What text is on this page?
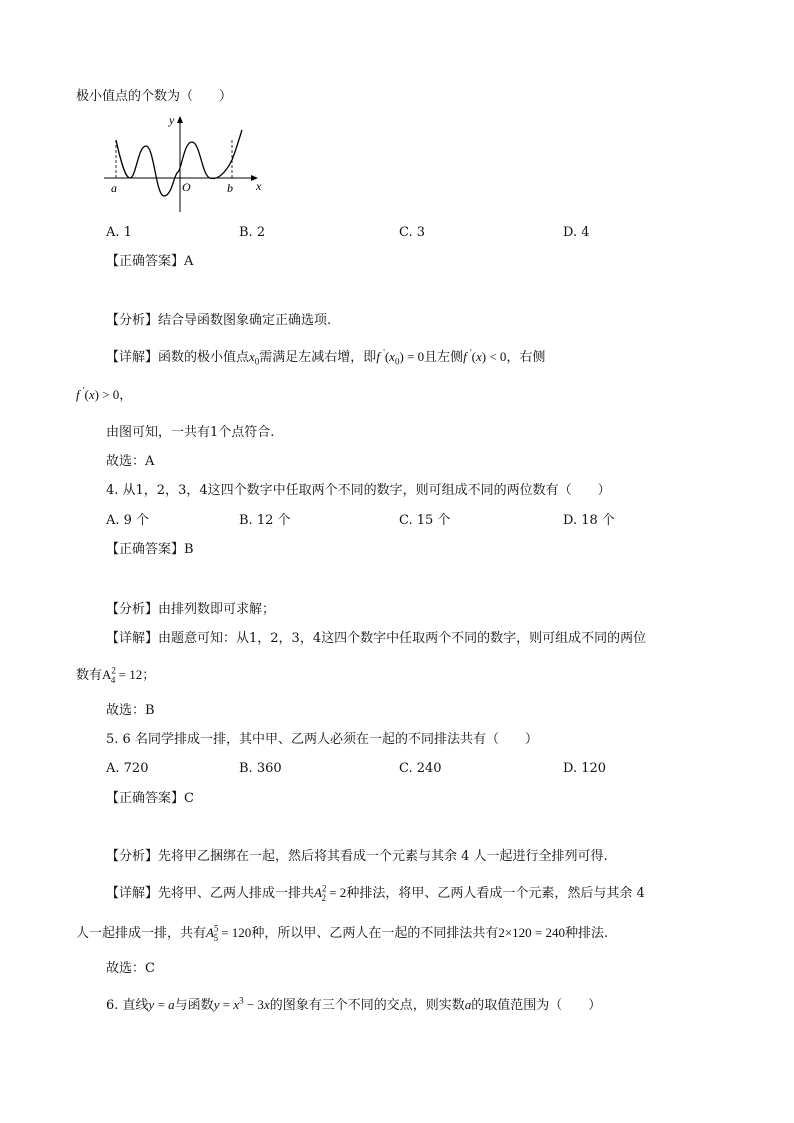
极小值点的个数为（　　）
y
x
a	O	b
A. 1	B. 2	C. 3	D. 4
【正确答案】A
【分析】结合导函数图象确定正确选项.
【详解】函数的极小值点$x_0$需满足左减右增，即f $'(x_0) = 0$且左侧f '(x) < 0，右侧
f '(x) > 0，
由图可知，一共有1个点符合.
故选：A
4. 从1，2，3，4这四个数字中任取两个不同的数字，则可组成不同的两位数有（　　）
A. 9 个	B. 12 个	C. 15 个	D. 18 个
【正确答案】B
【分析】由排列数即可求解；
【详解】由题意可知：从1，2，3，4这四个数字中任取两个不同的数字，则可组成不同的两位
数有$A^2_4 = 12$；
故选：B
5. 6 名同学排成一排，其中甲、乙两人必须在一起的不同排法共有（　　）
A. 720	B. 360	C. 240	D. 120
【正确答案】C
【分析】先将甲乙捆绑在一起，然后将其看成一个元素与其余 4 人一起进行全排列可得.
【详解】先将甲、乙两人排成一排共$A^2_2 = 2$种排法，将甲、乙两人看成一个元素，然后与其余 4
人一起排成一排，共有$A^5_5 = 120$种，所以甲、乙两人在一起的不同排法共有2×120 = 240种排法.
故选：C
6. 直线y = a与函数$y = x^3 - 3x$的图象有三个不同的交点，则实数a的取值范围为（　　）
